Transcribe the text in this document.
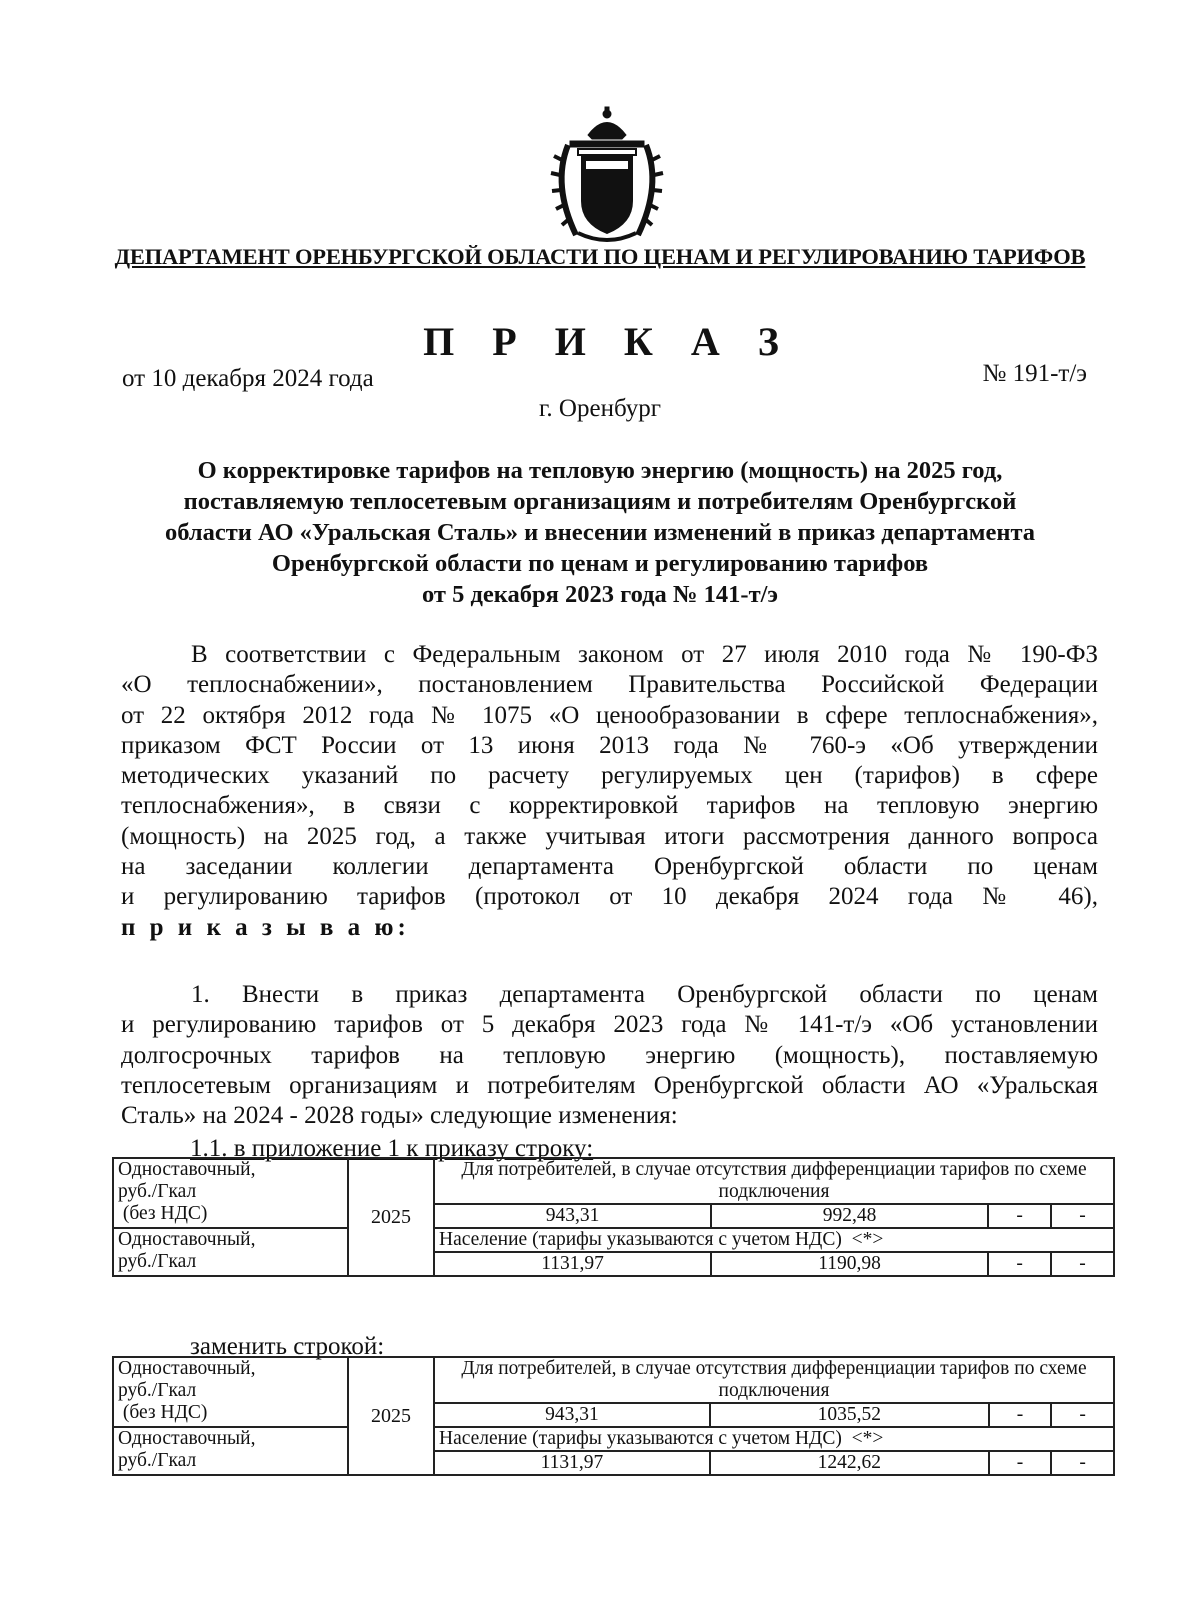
ДЕПАРТАМЕНТ ОРЕНБУРГСКОЙ ОБЛАСТИ ПО ЦЕНАМ И РЕГУЛИРОВАНИЮ ТАРИФОВ
П Р И К А З
от 10 декабря 2024 года	№ 191-т/э
г. Оренбург
О корректировке тарифов на тепловую энергию (мощность) на 2025 год,
поставляемую теплосетевым организациям и потребителям Оренбургской
области АО «Уральская Сталь» и внесении изменений в приказ департамента
Оренбургской области по ценам и регулированию тарифов
от 5 декабря 2023 года № 141-т/э
В соответствии с Федеральным законом от 27 июля 2010 года № 190-ФЗ
«О теплоснабжении», постановлением Правительства Российской Федерации
от 22 октября 2012 года № 1075 «О ценообразовании в сфере теплоснабжения»,
приказом ФСТ России от 13 июня 2013 года № 760-э «Об утверждении
методических указаний по расчету регулируемых цен (тарифов) в сфере
теплоснабжения», в связи с корректировкой тарифов на тепловую энергию
(мощность) на 2025 год, а также учитывая итоги рассмотрения данного вопроса
на заседании коллегии департамента Оренбургской области по ценам
и регулированию тарифов (протокол от 10 декабря 2024 года № 46),
п р и к а з ы в а ю:
1. Внести в приказ департамента Оренбургской области по ценам
и регулированию тарифов от 5 декабря 2023 года № 141-т/э «Об установлении
долгосрочных тарифов на тепловую энергию (мощность), поставляемую
теплосетевым организациям и потребителям Оренбургской области АО «Уральская
Сталь» на 2024 - 2028 годы» следующие изменения:
1.1. в приложение 1 к приказу строку:
Одноставочный,
руб./Гкал
(без НДС)	2025	Для потребителей, в случае отсутствия дифференциации тарифов по схеме подключения			
		943,31	992,48	-	-

Одноставочный,
руб./Гкал		Население (тарифы указываются с учетом НДС)  <*>			
		1131,97	1190,98	-	-
заменить строкой:
Одноставочный,
руб./Гкал
(без НДС)	2025	Для потребителей, в случае отсутствия дифференциации тарифов по схеме подключения			
		943,31	1035,52	-	-

Одноставочный,
руб./Гкал		Население (тарифы указываются с учетом НДС)  <*>			
		1131,97	1242,62	-	-
